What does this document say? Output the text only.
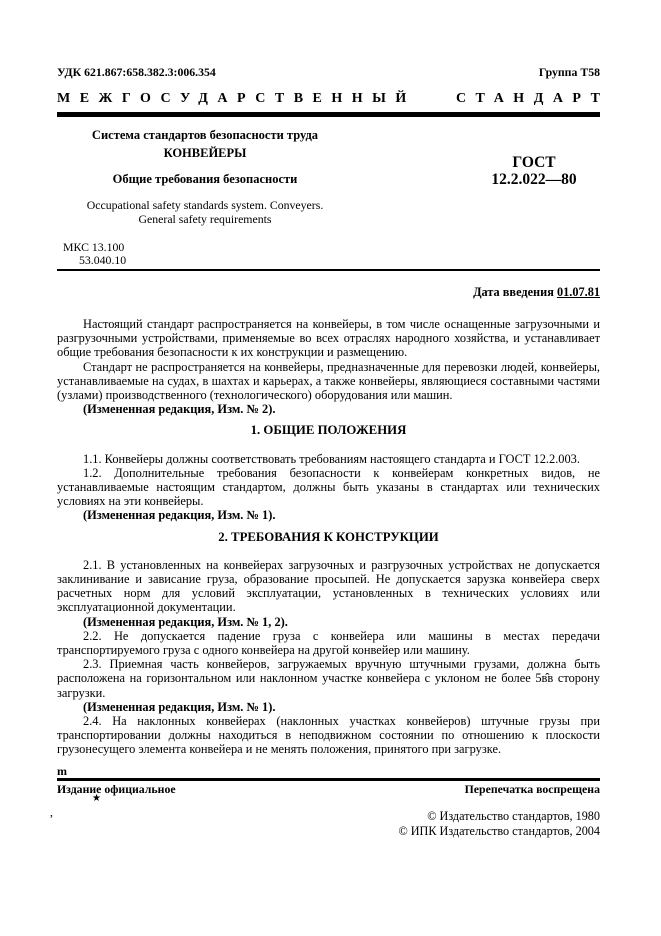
УДК 621.867:658.382.3:006.354	Группа Т58
МЕЖГОСУДАРСТВЕННЫЙ	СТАНДАРТ
Система стандартов безопасности труда
КОНВЕЙЕРЫ
Общие требования безопасности
ГОСТ
12.2.022—80
Occupational safety standards system. Conveyers.
General safety requirements
МКС 13.100
53.040.10
Дата введения 01.07.81

Настоящий стандарт распространяется на конвейеры, в том числе оснащенные загрузочными и разгрузочными устройствами, применяемые во всех отраслях народного хозяйства, и устанавливает общие требования безопасности к их конструкции и размещению.

Стандарт не распространяется на конвейеры, предназначенные для перевозки людей, конвейеры, устанавливаемые на судах, в шахтах и карьерах, а также конвейеры, являющиеся составными частями (узлами) производственного (технологического) оборудования или машин.

(Измененная редакция, Изм. № 2).

1. ОБЩИЕ ПОЛОЖЕНИЯ

1.1. Конвейеры должны соответствовать требованиям настоящего стандарта и ГОСТ 12.2.003.

1.2. Дополнительные требования безопасности к конвейерам конкретных видов, не устанавливаемые настоящим стандартом, должны быть указаны в стандартах или технических условиях на эти конвейеры.

(Измененная редакция, Изм. № 1).

2. ТРЕБОВАНИЯ К КОНСТРУКЦИИ

2.1. В установленных на конвейерах загрузочных и разгрузочных устройствах не допускается заклинивание и зависание груза, образование просыпей. Не допускается зарузка конвейера сверх расчетных норм для условий эксплуатации, установленных в технических условиях или эксплуатационной документации.

(Измененная редакция, Изм. № 1, 2).

2.2. Не допускается падение груза с конвейера или машины в местах передачи транспортируемого груза с одного конвейера на другой конвейер или машину.

2.3. Приемная часть конвейеров, загружаемых вручную штучными грузами, должна быть расположена на горизонтальном или наклонном участке конвейера с уклоном не более 5в̂в сторону загрузки.

(Измененная редакция, Изм. № 1).

2.4. На наклонных конвейерах (наклонных участках конвейеров) штучные грузы при транспортировании должны находиться в неподвижном состоянии по отношению к плоскости грузонесущего элемента конвейера и не менять положения, принятого при загрузке.

m
Издание официальное	Перепечатка воспрещена
★
,	© Издательство стандартов, 1980
© ИПК Издательство стандартов, 2004
